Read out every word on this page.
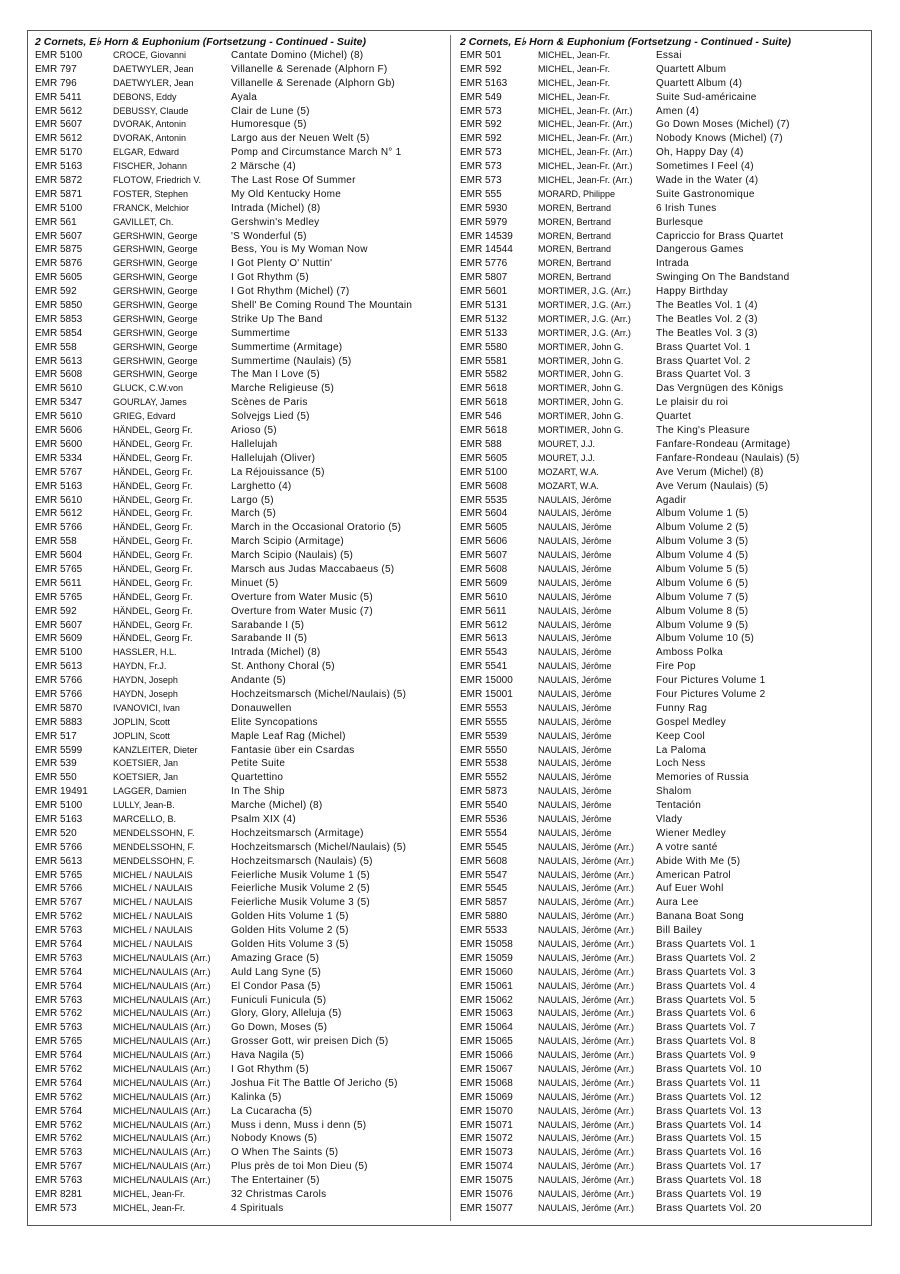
2 Cornets, E♭ Horn & Euphonium (Fortsetzung - Continued - Suite)
EMR 5100	CROCE, Giovanni	Cantate Domino (Michel) (8)
EMR 797	DAETWYLER, Jean	Villanelle & Serenade (Alphorn F)
EMR 796	DAETWYLER, Jean	Villanelle & Serenade (Alphorn Gb)
EMR 5411	DEBONS, Eddy	Ayala
EMR 5612	DEBUSSY, Claude	Clair de Lune (5)
EMR 5607	DVORAK, Antonin	Humoresque (5)
EMR 5612	DVORAK, Antonin	Largo aus der Neuen Welt (5)
EMR 5170	ELGAR, Edward	Pomp and Circumstance March N° 1
EMR 5163	FISCHER, Johann	2 Märsche (4)
EMR 5872	FLOTOW, Friedrich V.	The Last Rose Of Summer
EMR 5871	FOSTER, Stephen	My Old Kentucky Home
EMR 5100	FRANCK, Melchior	Intrada (Michel) (8)
EMR 561	GAVILLET, Ch.	Gershwin's Medley
EMR 5607	GERSHWIN, George	'S Wonderful (5)
EMR 5875	GERSHWIN, George	Bess, You is My Woman Now
EMR 5876	GERSHWIN, George	I Got Plenty O' Nuttin'
EMR 5605	GERSHWIN, George	I Got Rhythm (5)
EMR 592	GERSHWIN, George	I Got Rhythm (Michel) (7)
EMR 5850	GERSHWIN, George	Shell' Be Coming Round The Mountain
EMR 5853	GERSHWIN, George	Strike Up The Band
EMR 5854	GERSHWIN, George	Summertime
EMR 558	GERSHWIN, George	Summertime (Armitage)
EMR 5613	GERSHWIN, George	Summertime (Naulais) (5)
EMR 5608	GERSHWIN, George	The Man I Love (5)
EMR 5610	GLUCK, C.W.von	Marche Religieuse (5)
EMR 5347	GOURLAY, James	Scènes de Paris
EMR 5610	GRIEG, Edvard	Solvejgs Lied (5)
EMR 5606	HÄNDEL, Georg Fr.	Arioso (5)
EMR 5600	HÄNDEL, Georg Fr.	Hallelujah
EMR 5334	HÄNDEL, Georg Fr.	Hallelujah (Oliver)
EMR 5767	HÄNDEL, Georg Fr.	La Réjouissance (5)
EMR 5163	HÄNDEL, Georg Fr.	Larghetto (4)
EMR 5610	HÄNDEL, Georg Fr.	Largo (5)
EMR 5612	HÄNDEL, Georg Fr.	March (5)
EMR 5766	HÄNDEL, Georg Fr.	March in the Occasional Oratorio (5)
EMR 558	HÄNDEL, Georg Fr.	March Scipio (Armitage)
EMR 5604	HÄNDEL, Georg Fr.	March Scipio (Naulais) (5)
EMR 5765	HÄNDEL, Georg Fr.	Marsch aus Judas Maccabaeus (5)
EMR 5611	HÄNDEL, Georg Fr.	Minuet (5)
EMR 5765	HÄNDEL, Georg Fr.	Overture from Water Music (5)
EMR 592	HÄNDEL, Georg Fr.	Overture from Water Music (7)
EMR 5607	HÄNDEL, Georg Fr.	Sarabande I (5)
EMR 5609	HÄNDEL, Georg Fr.	Sarabande II (5)
EMR 5100	HASSLER, H.L.	Intrada (Michel) (8)
EMR 5613	HAYDN, Fr.J.	St. Anthony Choral (5)
EMR 5766	HAYDN, Joseph	Andante (5)
EMR 5766	HAYDN, Joseph	Hochzeitsmarsch (Michel/Naulais) (5)
EMR 5870	IVANOVICI, Ivan	Donauwellen
EMR 5883	JOPLIN, Scott	Elite Syncopations
EMR 517	JOPLIN, Scott	Maple Leaf Rag (Michel)
EMR 5599	KANZLEITER, Dieter	Fantasie über ein Csardas
EMR 539	KOETSIER, Jan	Petite Suite
EMR 550	KOETSIER, Jan	Quartettino
EMR 19491	LAGGER, Damien	In The Ship
EMR 5100	LULLY, Jean-B.	Marche (Michel) (8)
EMR 5163	MARCELLO, B.	Psalm XIX (4)
EMR 520	MENDELSSOHN, F.	Hochzeitsmarsch (Armitage)
EMR 5766	MENDELSSOHN, F.	Hochzeitsmarsch (Michel/Naulais) (5)
EMR 5613	MENDELSSOHN, F.	Hochzeitsmarsch (Naulais) (5)
EMR 5765	MICHEL / NAULAIS	Feierliche Musik Volume 1 (5)
EMR 5766	MICHEL / NAULAIS	Feierliche Musik Volume 2 (5)
EMR 5767	MICHEL / NAULAIS	Feierliche Musik Volume 3 (5)
EMR 5762	MICHEL / NAULAIS	Golden Hits Volume 1 (5)
EMR 5763	MICHEL / NAULAIS	Golden Hits Volume 2 (5)
EMR 5764	MICHEL / NAULAIS	Golden Hits Volume 3 (5)
EMR 5763	MICHEL/NAULAIS (Arr.) Amazing Grace (5)
EMR 5764	MICHEL/NAULAIS (Arr.) Auld Lang Syne (5)
EMR 5764	MICHEL/NAULAIS (Arr.) El Condor Pasa (5)
EMR 5763	MICHEL/NAULAIS (Arr.) Funiculi Funicula (5)
EMR 5762	MICHEL/NAULAIS (Arr.) Glory, Glory, Alleluja (5)
EMR 5763	MICHEL/NAULAIS (Arr.) Go Down, Moses (5)
EMR 5765	MICHEL/NAULAIS (Arr.) Grosser Gott, wir preisen Dich (5)
EMR 5764	MICHEL/NAULAIS (Arr.) Hava Nagila (5)
EMR 5762	MICHEL/NAULAIS (Arr.) I Got Rhythm (5)
EMR 5764	MICHEL/NAULAIS (Arr.) Joshua Fit The Battle Of Jericho (5)
EMR 5762	MICHEL/NAULAIS (Arr.) Kalinka (5)
EMR 5764	MICHEL/NAULAIS (Arr.) La Cucaracha (5)
EMR 5762	MICHEL/NAULAIS (Arr.) Muss i denn, Muss i denn (5)
EMR 5762	MICHEL/NAULAIS (Arr.) Nobody Knows (5)
EMR 5763	MICHEL/NAULAIS (Arr.) O When The Saints (5)
EMR 5767	MICHEL/NAULAIS (Arr.) Plus près de toi Mon Dieu (5)
EMR 5763	MICHEL/NAULAIS (Arr.) The Entertainer (5)
EMR 8281	MICHEL, Jean-Fr.	32 Christmas Carols
EMR 573	MICHEL, Jean-Fr.	4 Spirituals
2 Cornets, E♭ Horn & Euphonium (Fortsetzung - Continued - Suite)
EMR 501	MICHEL, Jean-Fr.	Essai
EMR 592	MICHEL, Jean-Fr.	Quartett Album
EMR 5163	MICHEL, Jean-Fr.	Quartett Album (4)
EMR 549	MICHEL, Jean-Fr.	Suite Sud-américaine
EMR 573	MICHEL, Jean-Fr. (Arr.) Amen (4)
EMR 592	MICHEL, Jean-Fr. (Arr.) Go Down Moses (Michel) (7)
EMR 592	MICHEL, Jean-Fr. (Arr.) Nobody Knows (Michel) (7)
EMR 573	MICHEL, Jean-Fr. (Arr.) Oh, Happy Day (4)
EMR 573	MICHEL, Jean-Fr. (Arr.) Sometimes I Feel (4)
EMR 573	MICHEL, Jean-Fr. (Arr.) Wade in the Water (4)
EMR 555	MORARD, Philippe	Suite Gastronomique
EMR 5930	MOREN, Bertrand	6 Irish Tunes
EMR 5979	MOREN, Bertrand	Burlesque
EMR 14539	MOREN, Bertrand	Capriccio for Brass Quartet
EMR 14544	MOREN, Bertrand	Dangerous Games
EMR 5776	MOREN, Bertrand	Intrada
EMR 5807	MOREN, Bertrand	Swinging On The Bandstand
EMR 5601	MORTIMER, J.G. (Arr.)	Happy Birthday
EMR 5131	MORTIMER, J.G. (Arr.)	The Beatles Vol. 1 (4)
EMR 5132	MORTIMER, J.G. (Arr.)	The Beatles Vol. 2 (3)
EMR 5133	MORTIMER, J.G. (Arr.)	The Beatles Vol. 3 (3)
EMR 5580	MORTIMER, John G.	Brass Quartet Vol. 1
EMR 5581	MORTIMER, John G.	Brass Quartet Vol. 2
EMR 5582	MORTIMER, John G.	Brass Quartet Vol. 3
EMR 5618	MORTIMER, John G.	Das Vergnügen des Königs
EMR 5618	MORTIMER, John G.	Le plaisir du roi
EMR 546	MORTIMER, John G.	Quartet
EMR 5618	MORTIMER, John G.	The King's Pleasure
EMR 588	MOURET, J.J.	Fanfare-Rondeau (Armitage)
EMR 5605	MOURET, J.J.	Fanfare-Rondeau (Naulais) (5)
EMR 5100	MOZART, W.A.	Ave Verum (Michel) (8)
EMR 5608	MOZART, W.A.	Ave Verum (Naulais) (5)
EMR 5535	NAULAIS, Jérôme	Agadir
EMR 5604	NAULAIS, Jérôme	Album Volume 1 (5)
EMR 5605	NAULAIS, Jérôme	Album Volume 2 (5)
EMR 5606	NAULAIS, Jérôme	Album Volume 3 (5)
EMR 5607	NAULAIS, Jérôme	Album Volume 4 (5)
EMR 5608	NAULAIS, Jérôme	Album Volume 5 (5)
EMR 5609	NAULAIS, Jérôme	Album Volume 6 (5)
EMR 5610	NAULAIS, Jérôme	Album Volume 7 (5)
EMR 5611	NAULAIS, Jérôme	Album Volume 8 (5)
EMR 5612	NAULAIS, Jérôme	Album Volume 9 (5)
EMR 5613	NAULAIS, Jérôme	Album Volume 10 (5)
EMR 5543	NAULAIS, Jérôme	Amboss Polka
EMR 5541	NAULAIS, Jérôme	Fire Pop
EMR 15000	NAULAIS, Jérôme	Four Pictures Volume 1
EMR 15001	NAULAIS, Jérôme	Four Pictures Volume 2
EMR 5553	NAULAIS, Jérôme	Funny Rag
EMR 5555	NAULAIS, Jérôme	Gospel Medley
EMR 5539	NAULAIS, Jérôme	Keep Cool
EMR 5550	NAULAIS, Jérôme	La Paloma
EMR 5538	NAULAIS, Jérôme	Loch Ness
EMR 5552	NAULAIS, Jérôme	Memories of Russia
EMR 5873	NAULAIS, Jérôme	Shalom
EMR 5540	NAULAIS, Jérôme	Tentación
EMR 5536	NAULAIS, Jérôme	Vlady
EMR 5554	NAULAIS, Jérôme	Wiener Medley
EMR 5545	NAULAIS, Jérôme (Arr.) A votre santé
EMR 5608	NAULAIS, Jérôme (Arr.) Abide With Me (5)
EMR 5547	NAULAIS, Jérôme (Arr.) American Patrol
EMR 5545	NAULAIS, Jérôme (Arr.) Auf Euer Wohl
EMR 5857	NAULAIS, Jérôme (Arr.) Aura Lee
EMR 5880	NAULAIS, Jérôme (Arr.) Banana Boat Song
EMR 5533	NAULAIS, Jérôme (Arr.) Bill Bailey
EMR 15058	NAULAIS, Jérôme (Arr.) Brass Quartets Vol. 1
EMR 15059	NAULAIS, Jérôme (Arr.) Brass Quartets Vol. 2
EMR 15060	NAULAIS, Jérôme (Arr.) Brass Quartets Vol. 3
EMR 15061	NAULAIS, Jérôme (Arr.) Brass Quartets Vol. 4
EMR 15062	NAULAIS, Jérôme (Arr.) Brass Quartets Vol. 5
EMR 15063	NAULAIS, Jérôme (Arr.) Brass Quartets Vol. 6
EMR 15064	NAULAIS, Jérôme (Arr.) Brass Quartets Vol. 7
EMR 15065	NAULAIS, Jérôme (Arr.) Brass Quartets Vol. 8
EMR 15066	NAULAIS, Jérôme (Arr.) Brass Quartets Vol. 9
EMR 15067	NAULAIS, Jérôme (Arr.) Brass Quartets Vol. 10
EMR 15068	NAULAIS, Jérôme (Arr.) Brass Quartets Vol. 11
EMR 15069	NAULAIS, Jérôme (Arr.) Brass Quartets Vol. 12
EMR 15070	NAULAIS, Jérôme (Arr.) Brass Quartets Vol. 13
EMR 15071	NAULAIS, Jérôme (Arr.) Brass Quartets Vol. 14
EMR 15072	NAULAIS, Jérôme (Arr.) Brass Quartets Vol. 15
EMR 15073	NAULAIS, Jérôme (Arr.) Brass Quartets Vol. 16
EMR 15074	NAULAIS, Jérôme (Arr.) Brass Quartets Vol. 17
EMR 15075	NAULAIS, Jérôme (Arr.) Brass Quartets Vol. 18
EMR 15076	NAULAIS, Jérôme (Arr.) Brass Quartets Vol. 19
EMR 15077	NAULAIS, Jérôme (Arr.) Brass Quartets Vol. 20
